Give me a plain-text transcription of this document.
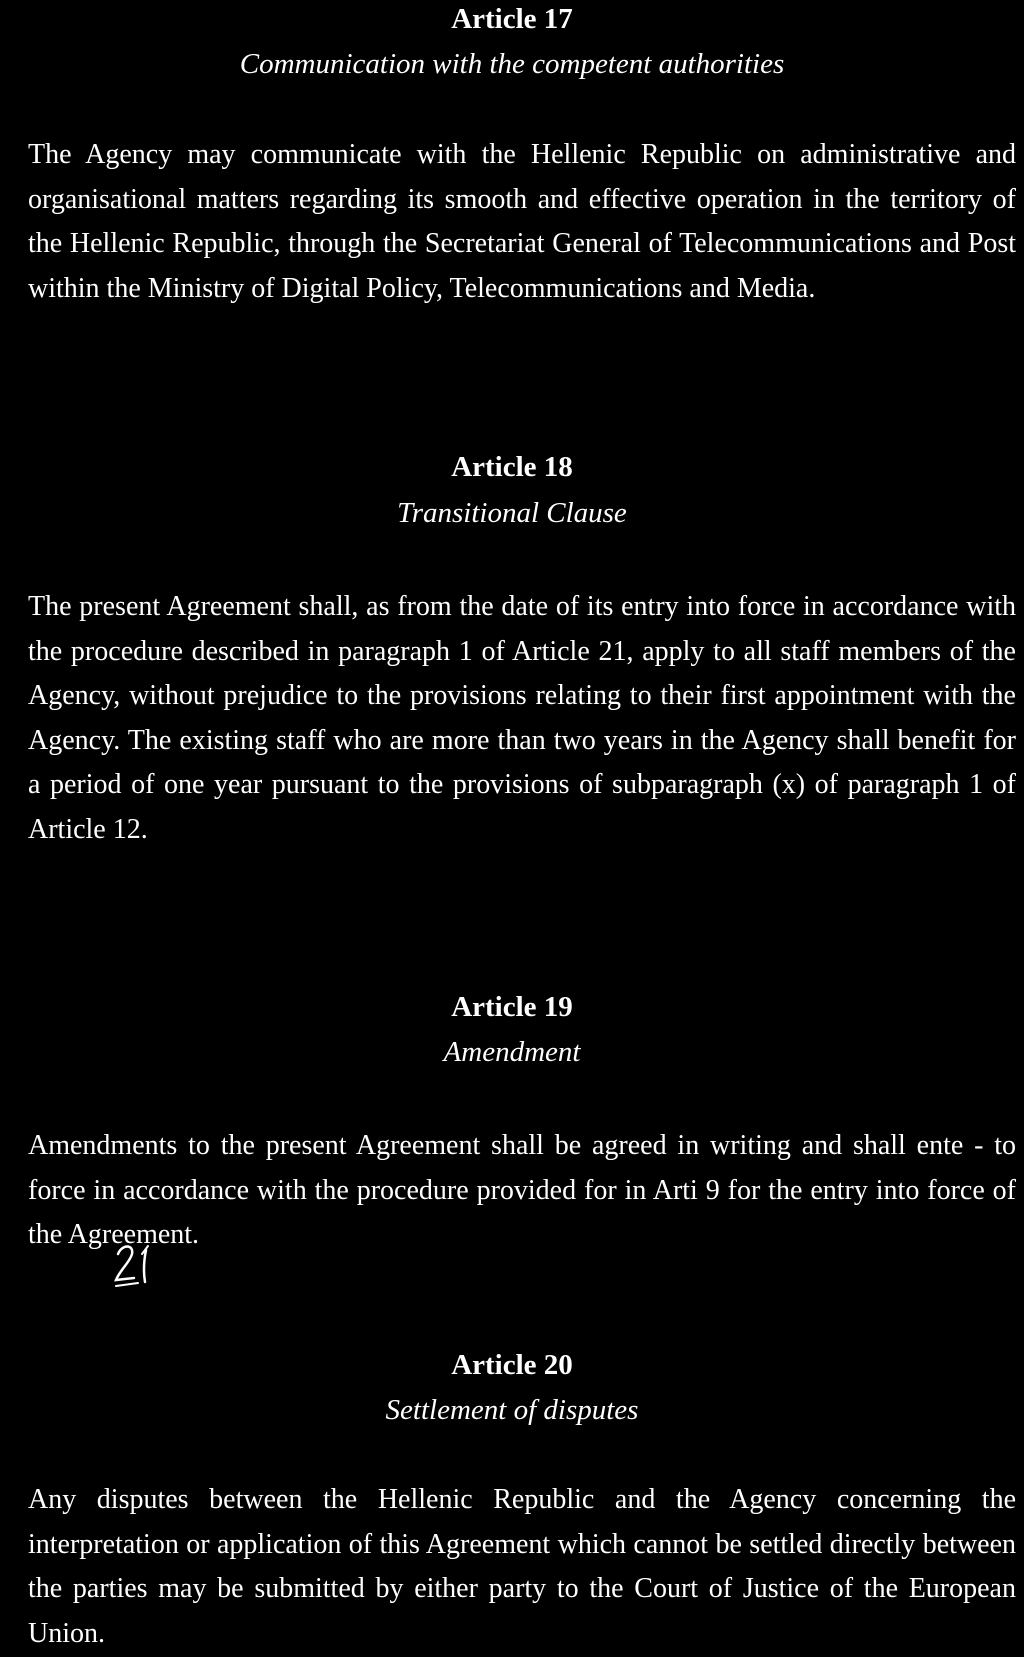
Article 17
Communication with the competent authorities

The Agency may communicate with the Hellenic Republic on administrative and organisational matters regarding its smooth and effective operation in the territory of the Hellenic Republic, through the Secretariat General of Telecommunications and Post within the Ministry of Digital Policy, Telecommunications and Media.

Article 18
Transitional Clause

The present Agreement shall, as from the date of its entry into force in accordance with the procedure described in paragraph 1 of Article 21, apply to all staff members of the Agency, without prejudice to the provisions relating to their first appointment with the Agency. The existing staff who are more than two years in the Agency shall benefit for a period of one year pursuant to the provisions of subparagraph (x) of paragraph 1 of Article 12.

Article 19
Amendment

Amendments to the present Agreement shall be agreed in writing and shall ente - to force in accordance with the procedure provided for in Arti 9 for the entry into force of the Agreement.

Article 20
Settlement of disputes

Any disputes between the Hellenic Republic and the Agency concerning the interpretation or application of this Agreement which cannot be settled directly between the parties may be submitted by either party to the Court of Justice of the European Union.
